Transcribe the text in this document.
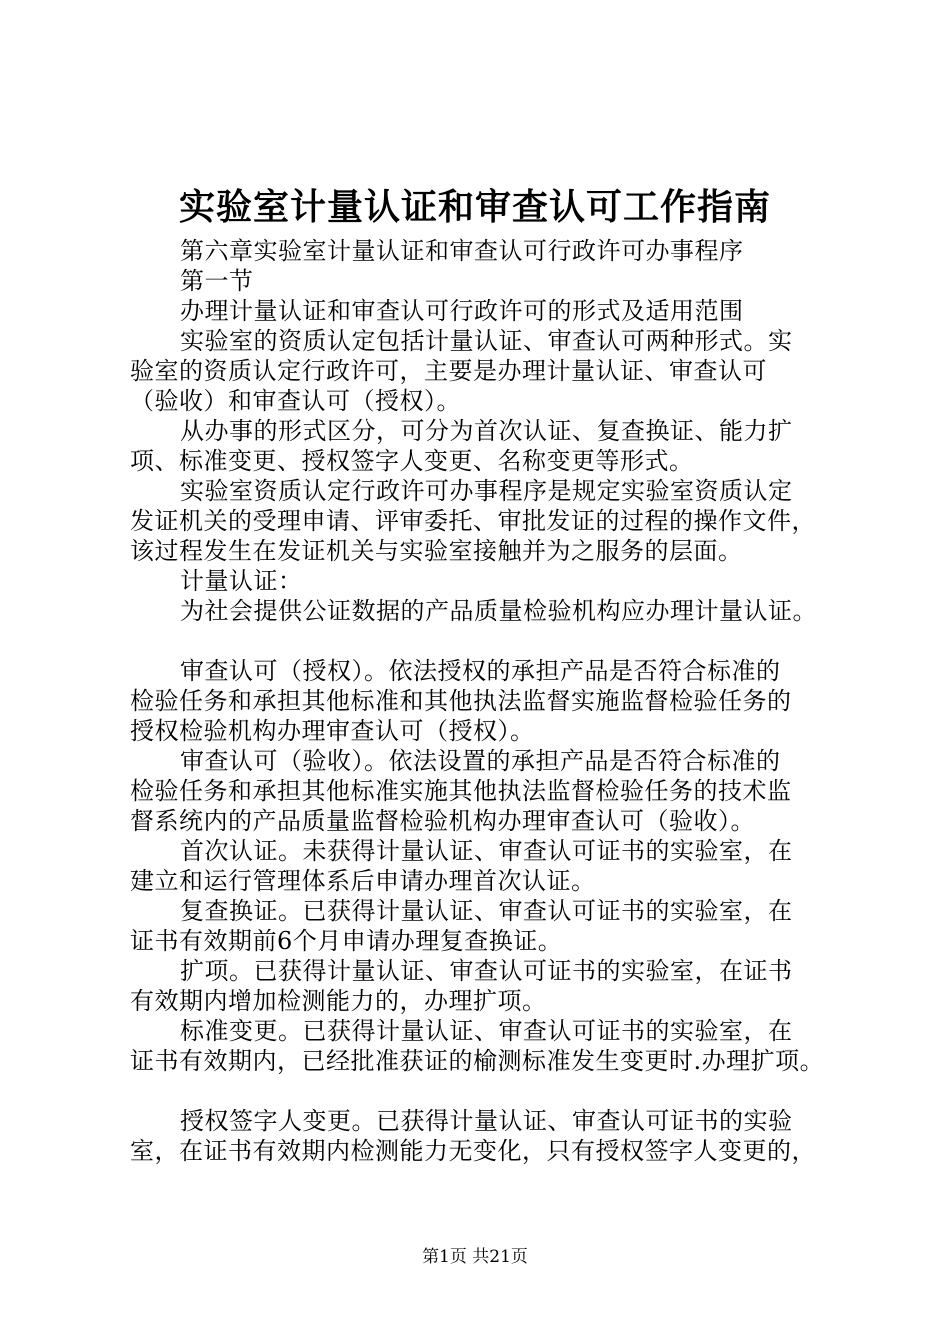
实验室计量认证和审查认可工作指南
第六章实验室计量认证和审查认可行政许可办事程序
第一节
办理计量认证和审查认可行政许可的形式及适用范围
实验室的资质认定包括计量认证、审查认可两种形式。实
验室的资质认定行政许可，主要是办理计量认证、审查认可
（验收）和审查认可（授权）。
从办事的形式区分，可分为首次认证、复查换证、能力扩
项、标准变更、授权签字人变更、名称变更等形式。
实验室资质认定行政许可办事程序是规定实验室资质认定
发证机关的受理申请、评审委托、审批发证的过程的操作文件，
该过程发生在发证机关与实验室接触并为之服务的层面。
计量认证：
为社会提供公证数据的产品质量检验机构应办理计量认证。
审查认可（授权）。依法授权的承担产品是否符合标准的
检验任务和承担其他标准和其他执法监督实施监督检验任务的
授权检验机构办理审查认可（授权）。
审查认可（验收）。依法设置的承担产品是否符合标准的
检验任务和承担其他标准实施其他执法监督检验任务的技术监
督系统内的产品质量监督检验机构办理审查认可（验收）。
首次认证。未获得计量认证、审查认可证书的实验室，在
建立和运行管理体系后申请办理首次认证。
复查换证。已获得计量认证、审查认可证书的实验室，在
证书有效期前6个月申请办理复查换证。
扩项。已获得计量认证、审查认可证书的实验室，在证书
有效期内增加检测能力的，办理扩项。
标准变更。已获得计量认证、审查认可证书的实验室，在
证书有效期内，已经批准获证的榆测标准发生变更时.办理扩项。
授权签字人变更。已获得计量认证、审查认可证书的实验
室，在证书有效期内检测能力无变化，只有授权签字人变更的，
第1页 共21页
